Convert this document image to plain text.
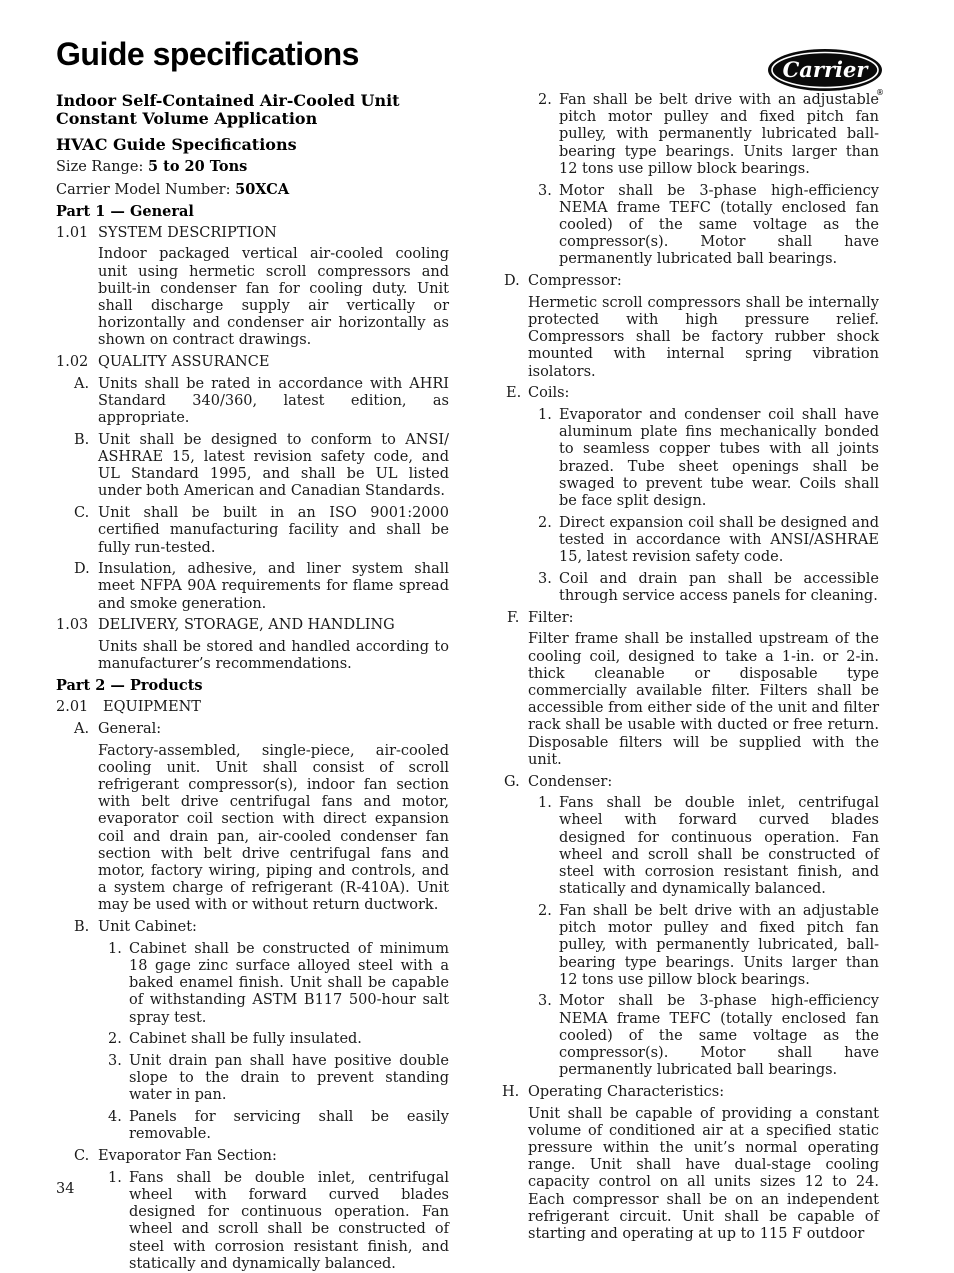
Guide specifications	Carrier
®
Indoor Self-Contained Air-Cooled Unit
Constant Volume Application
HVAC Guide Specifications
Size Range: 5 to 20 Tons
Carrier Model Number: 50XCA
Part 1 — General
1.01 SYSTEM DESCRIPTION
Indoor packaged vertical air-cooled cooling unit using hermetic scroll compressors and built-in condenser fan for cooling duty. Unit shall discharge supply air vertically or horizontally and condenser air horizontally as shown on contract drawings.
1.02 QUALITY ASSURANCE
A. Units shall be rated in accordance with AHRI Standard 340/360, latest edition, as appropriate.
B. Unit shall be designed to conform to ANSI/ ASHRAE 15, latest revision safety code, and UL Standard 1995, and shall be UL listed under both American and Canadian Standards.
C. Unit shall be built in an ISO 9001:2000 certified manufacturing facility and shall be fully run-tested.
D. Insulation, adhesive, and liner system shall meet NFPA 90A requirements for flame spread and smoke generation.
1.03 DELIVERY, STORAGE, AND HANDLING
Units shall be stored and handled according to manufacturer’s recommendations.
Part 2 — Products
2.01	EQUIPMENT
A. General:
Factory-assembled, single-piece, air-cooled cooling unit. Unit shall consist of scroll refrigerant compressor(s), indoor fan section with belt drive centrifugal fans and motor, evaporator coil section with direct expansion coil and drain pan, air-cooled condenser fan section with belt drive centrifugal fans and motor, factory wiring, piping and controls, and a system charge of refrigerant (R-410A). Unit may be used with or without return ductwork.
B. Unit Cabinet:
1. Cabinet shall be constructed of minimum 18 gage zinc surface alloyed steel with a baked enamel finish. Unit shall be capable of withstanding ASTM B117 500-hour salt spray test.
2. Cabinet shall be fully insulated.
3. Unit drain pan shall have positive double slope to the drain to prevent standing water in pan.
4. Panels for servicing shall be easily removable.
C. Evaporator Fan Section:
1. Fans shall be double inlet, centrifugal wheel with forward curved blades designed for continuous operation. Fan wheel and scroll shall be constructed of steel with corrosion resistant finish, and statically and dynamically balanced.
2. Fan shall be belt drive with an adjustable pitch motor pulley and fixed pitch fan pulley, with permanently lubricated ball-bearing type bearings. Units larger than 12 tons use pillow block bearings.
3. Motor shall be 3-phase high-efficiency NEMA frame TEFC (totally enclosed fan cooled) of the same voltage as the compressor(s). Motor shall have permanently lubricated ball bearings.
D. Compressor:
Hermetic scroll compressors shall be internally protected with high pressure relief. Compressors shall be factory rubber shock mounted with internal spring vibration isolators.
E. Coils:
1. Evaporator and condenser coil shall have aluminum plate fins mechanically bonded to seamless copper tubes with all joints brazed. Tube sheet openings shall be swaged to prevent tube wear. Coils shall be face split design.
2. Direct expansion coil shall be designed and tested in accordance with ANSI/ASHRAE 15, latest revision safety code.
3. Coil and drain pan shall be accessible through service access panels for cleaning.
F. Filter:
Filter frame shall be installed upstream of the cooling coil, designed to take a 1-in. or 2-in. thick cleanable or disposable type commercially available filter. Filters shall be accessible from either side of the unit and filter rack shall be usable with ducted or free return. Disposable filters will be supplied with the unit.
G. Condenser:
1. Fans shall be double inlet, centrifugal wheel with forward curved blades designed for continuous operation. Fan wheel and scroll shall be constructed of steel with corrosion resistant finish, and statically and dynamically balanced.
2. Fan shall be belt drive with an adjustable pitch motor pulley and fixed pitch fan pulley, with permanently lubricated, ball-bearing type bearings. Units larger than 12 tons use pillow block bearings.
3. Motor shall be 3-phase high-efficiency NEMA frame TEFC (totally enclosed fan cooled) of the same voltage as the compressor(s). Motor shall have permanently lubricated ball bearings.
H. Operating Characteristics:
Unit shall be capable of providing a constant volume of conditioned air at a specified static pressure within the unit’s normal operating range. Unit shall have dual-stage cooling capacity control on all units sizes 12 to 24. Each compressor shall be on an independent refrigerant circuit. Unit shall be capable of starting and operating at up to 115 F outdoor
34
